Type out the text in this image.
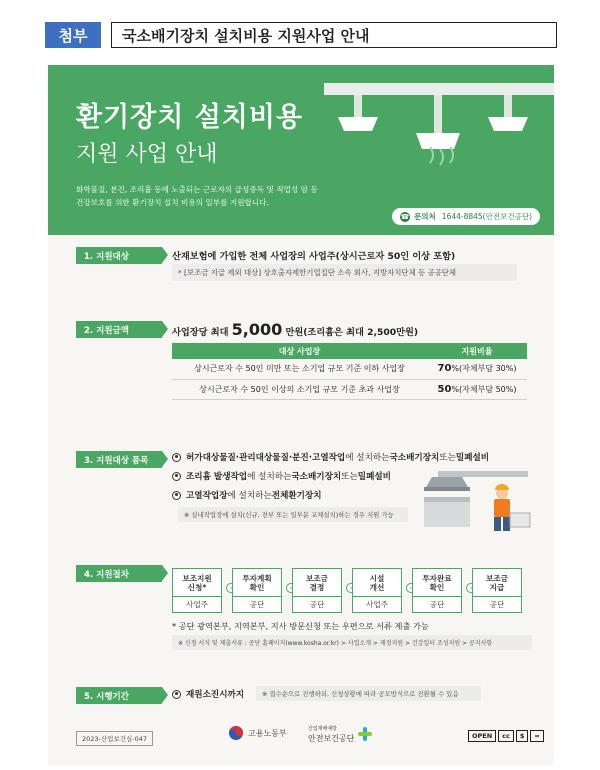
첨부	국소배기장치 설치비용 지원사업 안내
환기장치 설치비용
지원 사업 안내
화학물질, 분진, 조리흄 등에 노출되는 근로자의 급성중독 및 직업성 암 등
건강보호를 위한 환기장치 설치 비용의 일부를 지원합니다.
☎ 문의처 1644-8845(안전보건공단)
1. 지원대상	산재보험에 가입한 전체 사업장의 사업주(상시근로자 50인 이상 포함)
* [보조금 지급 제외 대상] 상호출자제한기업집단 소속 회사, 지방자치단체 등 공공단체
2. 지원금액	사업장당 최대 5,000 만원(조리흄은 최대 2,500만원)
대상 사업장	지원비율
상시근로자 수 50인 미만 또는 소기업 규모 기준 이하 사업장	70%(자체부담 30%)
상시근로자 수 50인 이상의 소기업 규모 기준 초과 사업장	50%(자체부담 50%)
3. 지원대상 품목	허가대상물질·관리대상물질·분진·고열작업 에 설치하는 국소배기장치 또는 밀폐설비
조리흄 발생작업 에 설치하는 국소배기장치 또는 밀폐설비
고열작업장 에 설치하는 전체환기장치
※ 실내작업장에 설치(신규, 전부 또는 일부분 교체설치)하는 경우 지원 가능
4. 지원절차	보조지원
신청*
사업주
›
투자계획
확인
공단
›
보조금
결정
공단
›
시설
개선
사업주
›
투자완료
확인
공단
›
보조금
지급
공단
* 공단 광역본부, 지역본부, 지사 방문신청 또는 우편으로 서류 제출 가능
※ 신청 서식 및 제출서류 : 공단 홈페이지(www.kosha.or.kr) > 사업소개 > 재정지원 > 건강일터 조성지원 > 공지사항
5. 시행기간	재원소진시까지	※ 접수순으로 진행하되, 신청상황에 따라 공모방식으로 전환될 수 있음
2023-산업보건실-047
고용노동부	산업재해예방
안전보건공단	OPEN	cc	$	=
